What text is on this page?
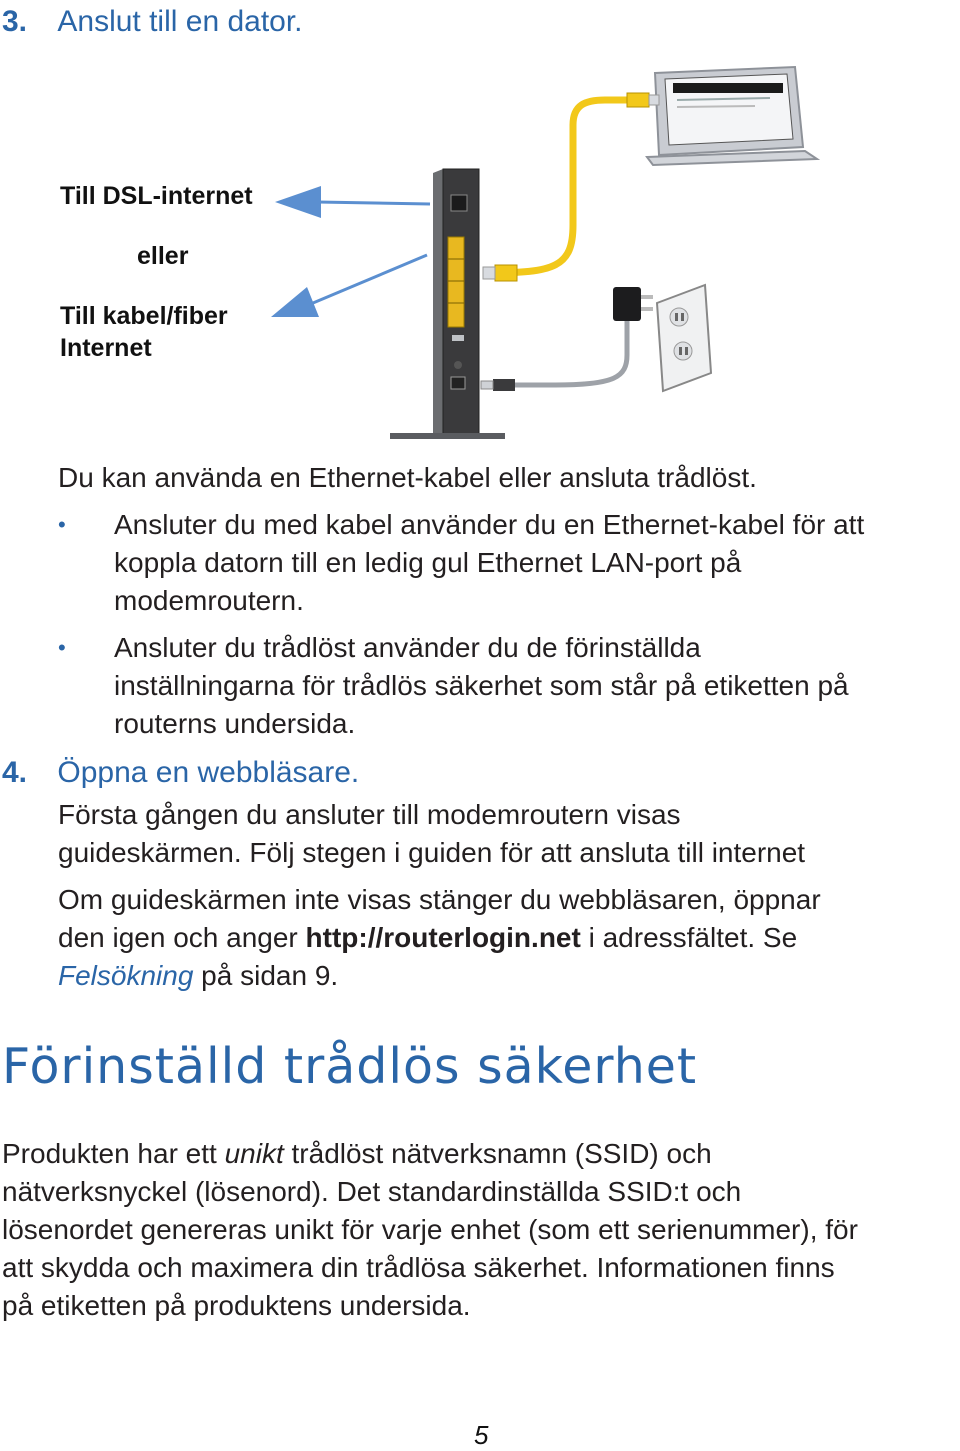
3. Anslut till en dator.
Till DSL-internet
eller
Till kabel/fiber
Internet
Du kan använda en Ethernet-kabel eller ansluta trådlöst.
• Ansluter du med kabel använder du en Ethernet-kabel för att
koppla datorn till en ledig gul Ethernet LAN-port på
modemroutern.
• Ansluter du trådlöst använder du de förinställda
inställningarna för trådlös säkerhet som står på etiketten på
routerns undersida.
4. Öppna en webbläsare.
Första gången du ansluter till modemroutern visas
guideskärmen. Följ stegen i guiden för att ansluta till internet
Om guideskärmen inte visas stänger du webbläsaren, öppnar
den igen och anger http://routerlogin.net i adressfältet. Se
Felsökning på sidan 9.
Förinställd trådlös säkerhet
Produkten har ett unikt trådlöst nätverksnamn (SSID) och
nätverksnyckel (lösenord). Det standardinställda SSID:t och
lösenordet genereras unikt för varje enhet (som ett serienummer), för
att skydda och maximera din trådlösa säkerhet. Informationen finns
på etiketten på produktens undersida.
5
